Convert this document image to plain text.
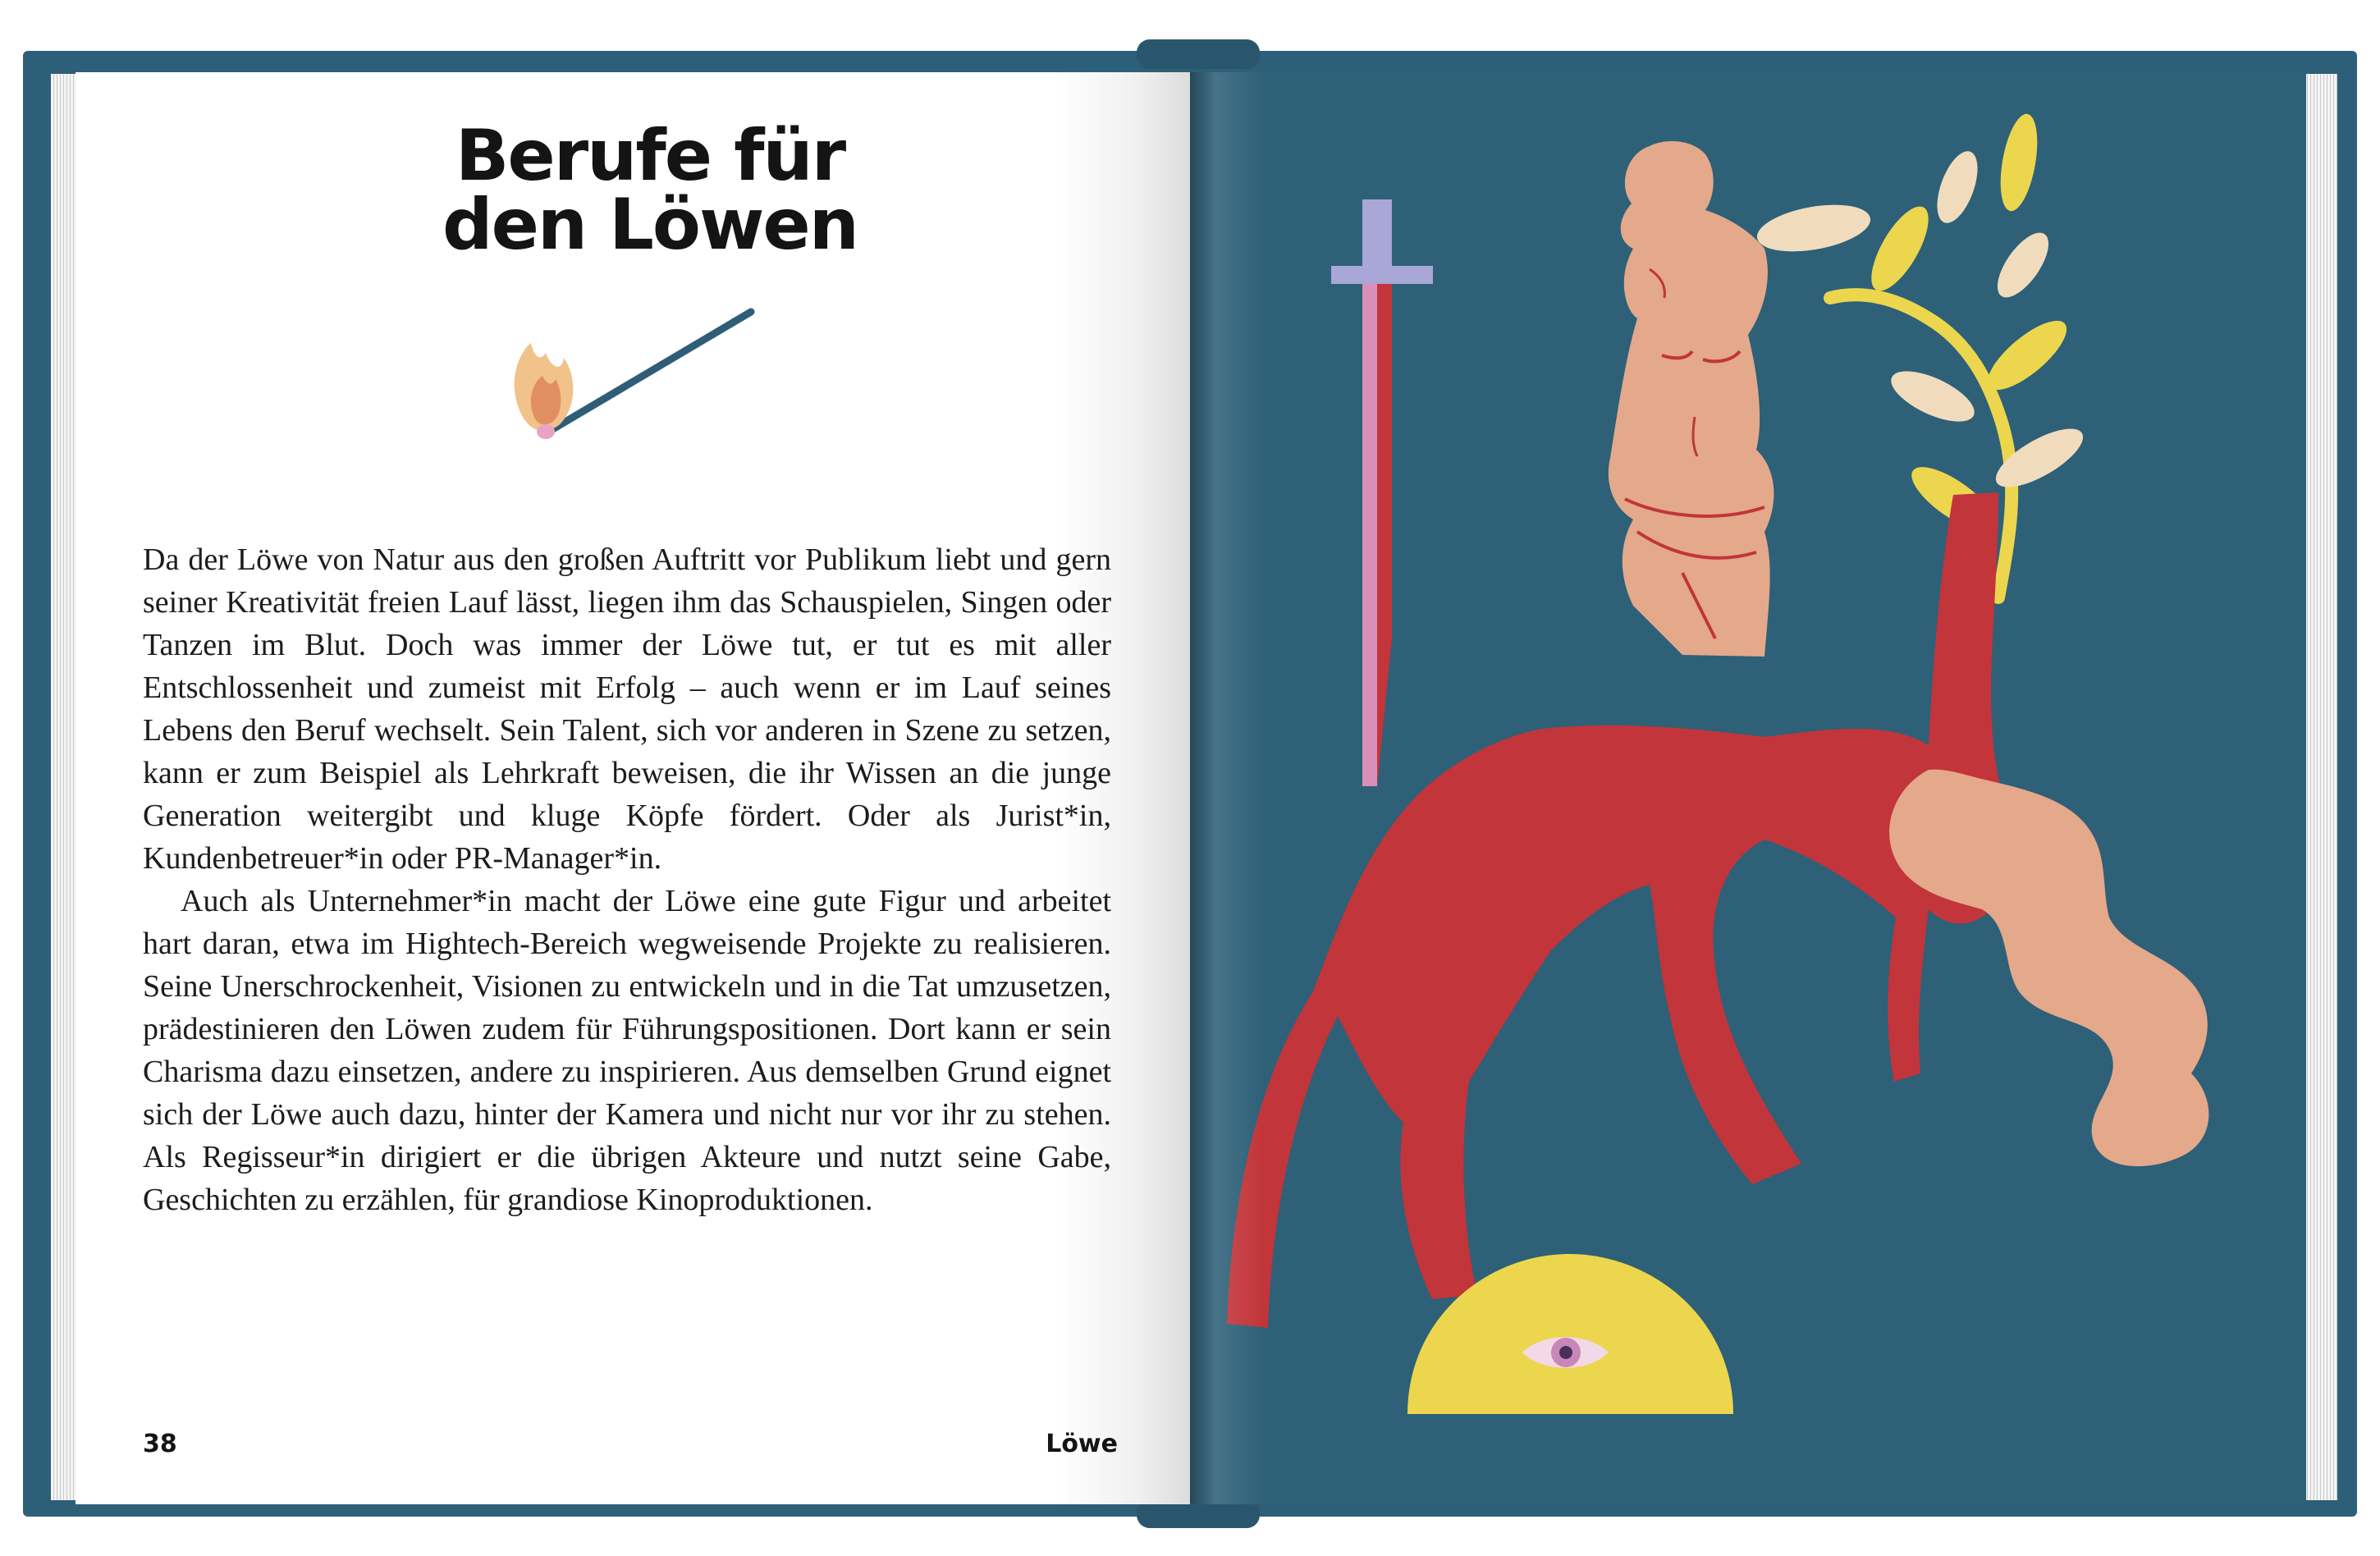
Berufe für
den Löwen

Da der Löwe von Natur aus den großen Auftritt vor Publikum liebt und gern seiner Kreativität freien Lauf lässt, liegen ihm das Schauspielen, Singen oder Tanzen im Blut. Doch was immer der Löwe tut, er tut es mit aller Entschlossenheit und zumeist mit Erfolg – auch wenn er im Lauf seines Lebens den Beruf wechselt. Sein Talent, sich vor anderen in Szene zu setzen, kann er zum Beispiel als Lehrkraft beweisen, die ihr Wissen an die junge Generation weitergibt und kluge Köpfe fördert. Oder als Jurist*in, Kundenbetreuer*in oder PR-Manager*in.

Auch als Unternehmer*in macht der Löwe eine gute Figur und arbeitet hart daran, etwa im Hightech-Bereich wegweisende Projekte zu realisieren. Seine Unerschrockenheit, Visionen zu entwickeln und in die Tat umzusetzen, prädestinieren den Löwen zudem für Führungspositionen. Dort kann er sein Charisma dazu einsetzen, andere zu inspirieren. Aus demselben Grund eignet sich der Löwe auch dazu, hinter der Kamera und nicht nur vor ihr zu stehen. Als Regisseur*in dirigiert er die übrigen Akteure und nutzt seine Gabe, Geschichten zu erzählen, für grandiose Kinoproduktionen.

38	Löwe
